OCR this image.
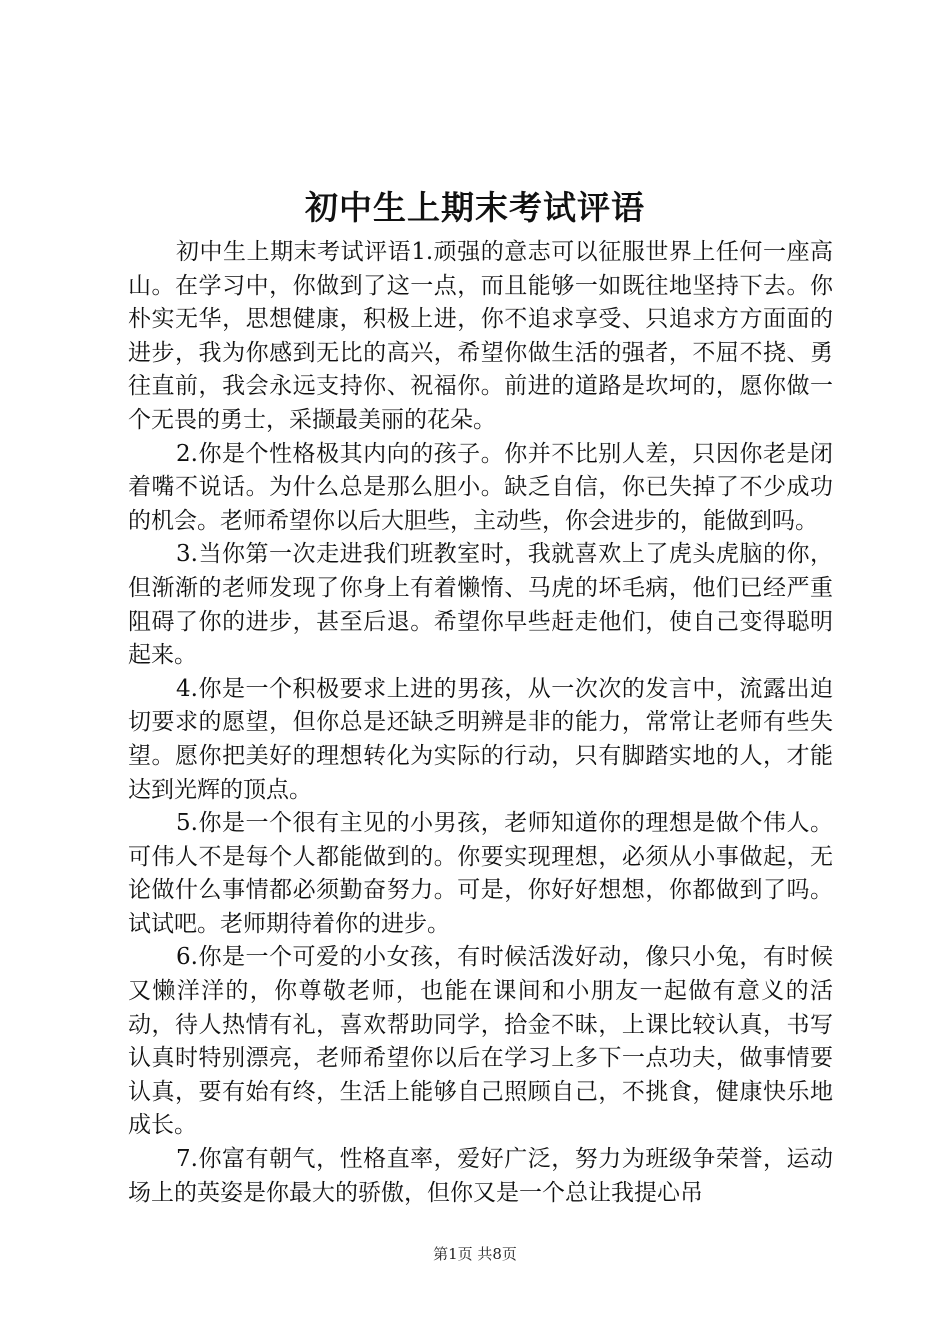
初中生上期末考试评语

初中生上期末考试评语1.顽强的意志可以征服世界上任何一座高山。在学习中，你做到了这一点，而且能够一如既往地坚持下去。你朴实无华，思想健康，积极上进，你不追求享受、只追求方方面面的进步，我为你感到无比的高兴，希望你做生活的强者，不屈不挠、勇往直前，我会永远支持你、祝福你。前进的道路是坎坷的，愿你做一个无畏的勇士，采撷最美丽的花朵。

2.你是个性格极其内向的孩子。你并不比别人差，只因你老是闭着嘴不说话。为什么总是那么胆小。缺乏自信，你已失掉了不少成功的机会。老师希望你以后大胆些，主动些，你会进步的，能做到吗。

3.当你第一次走进我们班教室时，我就喜欢上了虎头虎脑的你，但渐渐的老师发现了你身上有着懒惰、马虎的坏毛病，他们已经严重阻碍了你的进步，甚至后退。希望你早些赶走他们，使自己变得聪明起来。

4.你是一个积极要求上进的男孩，从一次次的发言中，流露出迫切要求的愿望，但你总是还缺乏明辨是非的能力，常常让老师有些失望。愿你把美好的理想转化为实际的行动，只有脚踏实地的人，才能达到光辉的顶点。

5.你是一个很有主见的小男孩，老师知道你的理想是做个伟人。可伟人不是每个人都能做到的。你要实现理想，必须从小事做起，无论做什么事情都必须勤奋努力。可是，你好好想想，你都做到了吗。试试吧。老师期待着你的进步。

6.你是一个可爱的小女孩，有时候活泼好动，像只小兔，有时候又懒洋洋的，你尊敬老师，也能在课间和小朋友一起做有意义的活动，待人热情有礼，喜欢帮助同学，拾金不昧，上课比较认真，书写认真时特别漂亮，老师希望你以后在学习上多下一点功夫，做事情要认真，要有始有终，生活上能够自己照顾自己，不挑食，健康快乐地成长。

7.你富有朝气，性格直率，爱好广泛，努力为班级争荣誉，运动场上的英姿是你最大的骄傲，但你又是一个总让我提心吊

第1页 共8页
